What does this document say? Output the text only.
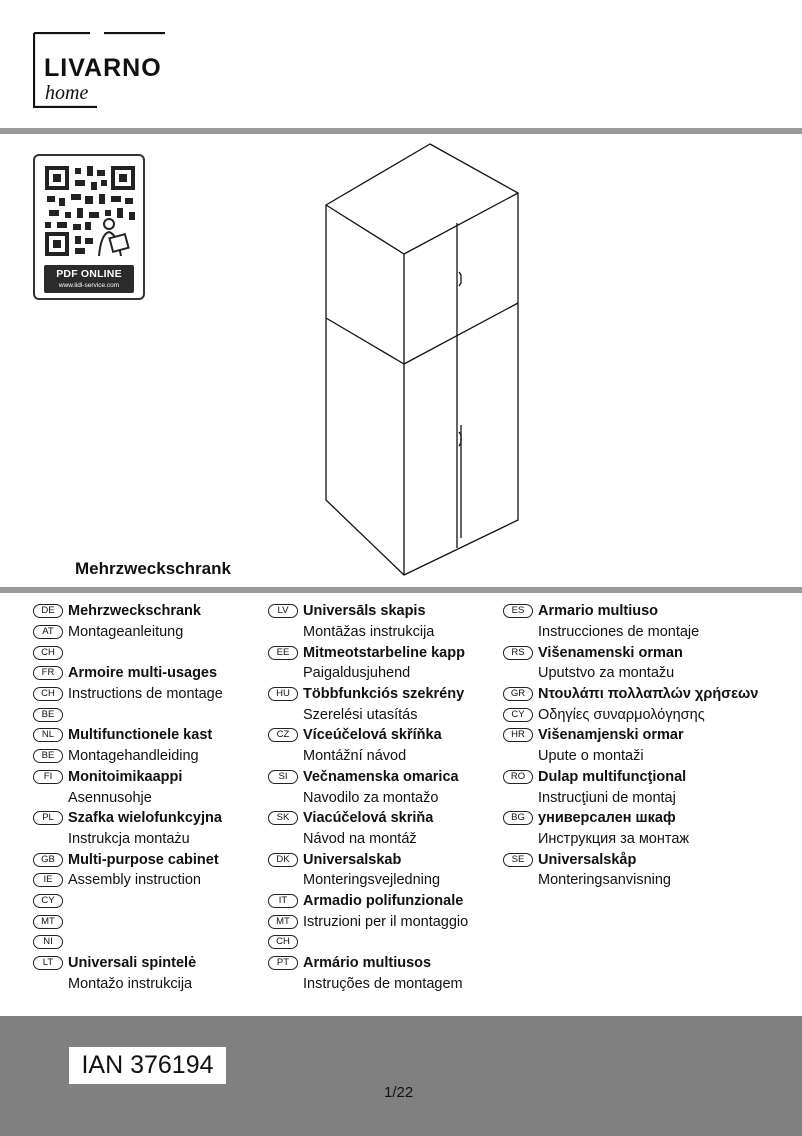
LIVARNO
home
PDF ONLINE
www.lidl-service.com
Mehrzweckschrank
DE Mehrzweckschrank
AT Montageanleitung
CH
FR Armoire multi-usages
CH Instructions de montage
BE
NL Multifunctionele kast
BE Montagehandleiding
FI	Monitoimikaappi
Asennusohje
PL Szafka wielofunkcyjna
Instrukcja montażu
GB Multi-purpose cabinet
IE	Assembly instruction
CY
MT
NI
LT	Universali spintelė
Montažo instrukcija
LV	Universāls skapis
Montāžas instrukcija
EE Mitmeotstarbeline kapp
Paigaldusjuhend
HU Többfunkciós szekrény
Szerelési utasítás
CZ Víceúčelová skříňka
Montážní návod
SI	Večnamenska omarica
Navodilo za montažo
SK Viacúčelová skriňa
Návod na montáž
DK Universalskab
Monteringsvejledning
IT	Armadio polifunzionale
MT Istruzioni per il montaggio
CH
PT Armário multiusos
Instruções de montagem
ES Armario multiuso
Instrucciones de montaje
RS Višenamenski orman
Uputstvo za montažu
GR Ντουλάπι πολλαπλών χρήσεων
CY Οδηγίες συναρμολόγησης
HR Višenamjenski ormar
Upute o montaži
RO Dulap multifuncţional
Instrucţiuni de montaj
BG универсален шкаф
Инструкция за монтаж
SE Universalskåp
Monteringsanvisning
IAN 376194
1/22
